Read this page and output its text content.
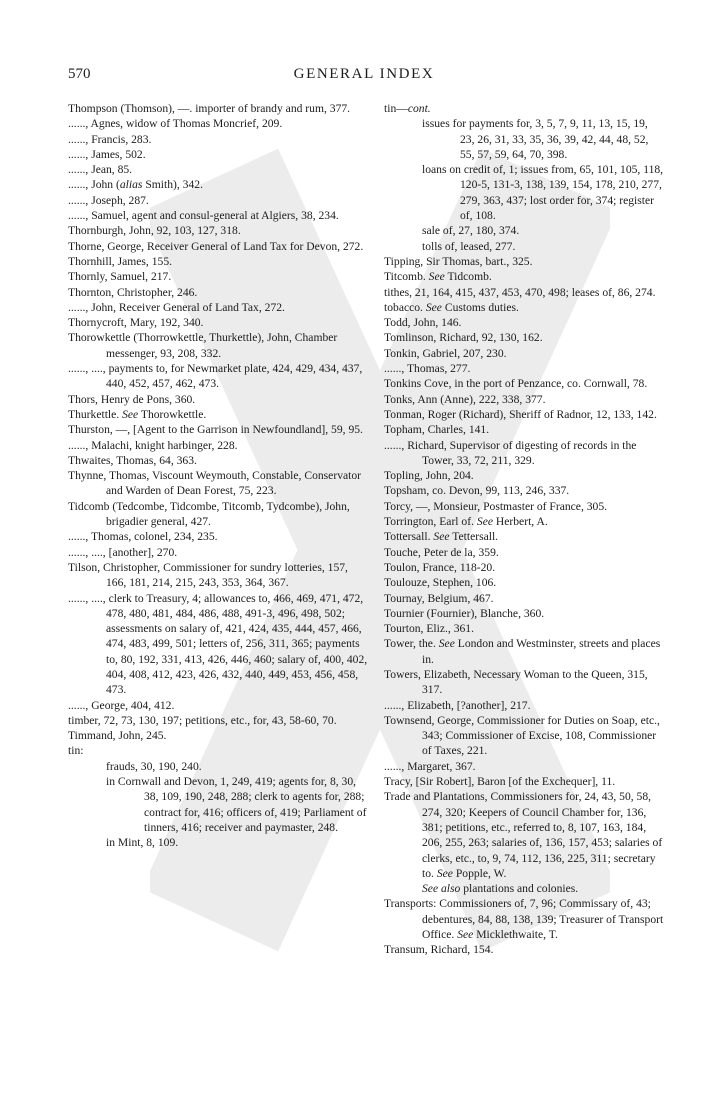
570	GENERAL INDEX

Thompson (Thomson), —. importer of brandy and rum, 377.

......, Agnes, widow of Thomas Moncrief, 209.

......, Francis, 283.

......, James, 502.

......, Jean, 85.

......, John (alias Smith), 342.

......, Joseph, 287.

......, Samuel, agent and consul-general at Algiers, 38, 234.

Thornburgh, John, 92, 103, 127, 318.

Thorne, George, Receiver General of Land Tax for Devon, 272.

Thornhill, James, 155.

Thornly, Samuel, 217.

Thornton, Christopher, 246.

......, John, Receiver General of Land Tax, 272.

Thornycroft, Mary, 192, 340.

Thorowkettle (Thorrowkettle, Thurkettle), John, Chamber messenger, 93, 208, 332.

......, ...., payments to, for Newmarket plate, 424, 429, 434, 437, 440, 452, 457, 462, 473.

Thors, Henry de Pons, 360.

Thurkettle. See Thorowkettle.

Thurston, —, [Agent to the Garrison in Newfoundland], 59, 95.

......, Malachi, knight harbinger, 228.

Thwaites, Thomas, 64, 363.

Thynne, Thomas, Viscount Weymouth, Constable, Conservator and Warden of Dean Forest, 75, 223.

Tidcomb (Tedcombe, Tidcombe, Titcomb, Tydcombe), John, brigadier general, 427.

......, Thomas, colonel, 234, 235.

......, ...., [another], 270.

Tilson, Christopher, Commissioner for sundry lotteries, 157, 166, 181, 214, 215, 243, 353, 364, 367.

......, ...., clerk to Treasury, 4; allowances to, 466, 469, 471, 472, 478, 480, 481, 484, 486, 488, 491-3, 496, 498, 502; assessments on salary of, 421, 424, 435, 444, 457, 466, 474, 483, 499, 501; letters of, 256, 311, 365; payments to, 80, 192, 331, 413, 426, 446, 460; salary of, 400, 402, 404, 408, 412, 423, 426, 432, 440, 449, 453, 456, 458, 473.

......, George, 404, 412.

timber, 72, 73, 130, 197; petitions, etc., for, 43, 58-60, 70.

Timmand, John, 245.

tin:

frauds, 30, 190, 240.

in Cornwall and Devon, 1, 249, 419; agents for, 8, 30, 38, 109, 190, 248, 288; clerk to agents for, 288; contract for, 416; officers of, 419; Parliament of tinners, 416; receiver and paymaster, 248.

in Mint, 8, 109.

tin—cont.

issues for payments for, 3, 5, 7, 9, 11, 13, 15, 19, 23, 26, 31, 33, 35, 36, 39, 42, 44, 48, 52, 55, 57, 59, 64, 70, 398.

loans on credit of, 1; issues from, 65, 101, 105, 118, 120-5, 131-3, 138, 139, 154, 178, 210, 277, 279, 363, 437; lost order for, 374; register of, 108.

sale of, 27, 180, 374.

tolls of, leased, 277.

Tipping, Sir Thomas, bart., 325.

Titcomb. See Tidcomb.

tithes, 21, 164, 415, 437, 453, 470, 498; leases of, 86, 274.

tobacco. See Customs duties.

Todd, John, 146.

Tomlinson, Richard, 92, 130, 162.

Tonkin, Gabriel, 207, 230.

......, Thomas, 277.

Tonkins Cove, in the port of Penzance, co. Cornwall, 78.

Tonks, Ann (Anne), 222, 338, 377.

Tonman, Roger (Richard), Sheriff of Radnor, 12, 133, 142.

Topham, Charles, 141.

......, Richard, Supervisor of digesting of records in the Tower, 33, 72, 211, 329.

Topling, John, 204.

Topsham, co. Devon, 99, 113, 246, 337.

Torcy, —, Monsieur, Postmaster of France, 305.

Torrington, Earl of. See Herbert, A.

Tottersall. See Tettersall.

Touche, Peter de la, 359.

Toulon, France, 118-20.

Toulouze, Stephen, 106.

Tournay, Belgium, 467.

Tournier (Fournier), Blanche, 360.

Tourton, Eliz., 361.

Tower, the. See London and Westminster, streets and places in.

Towers, Elizabeth, Necessary Woman to the Queen, 315, 317.

......, Elizabeth, [?another], 217.

Townsend, George, Commissioner for Duties on Soap, etc., 343; Commissioner of Excise, 108, Commissioner of Taxes, 221.

......, Margaret, 367.

Tracy, [Sir Robert], Baron [of the Exchequer], 11.

Trade and Plantations, Commissioners for, 24, 43, 50, 58, 274, 320; Keepers of Council Chamber for, 136, 381; petitions, etc., referred to, 8, 107, 163, 184, 206, 255, 263; salaries of, 136, 157, 453; salaries of clerks, etc., to, 9, 74, 112, 136, 225, 311; secretary to. See Popple, W.

See also plantations and colonies.

Transports: Commissioners of, 7, 96; Commissary of, 43; debentures, 84, 88, 138, 139; Treasurer of Transport Office. See Micklethwaite, T.

Transum, Richard, 154.
